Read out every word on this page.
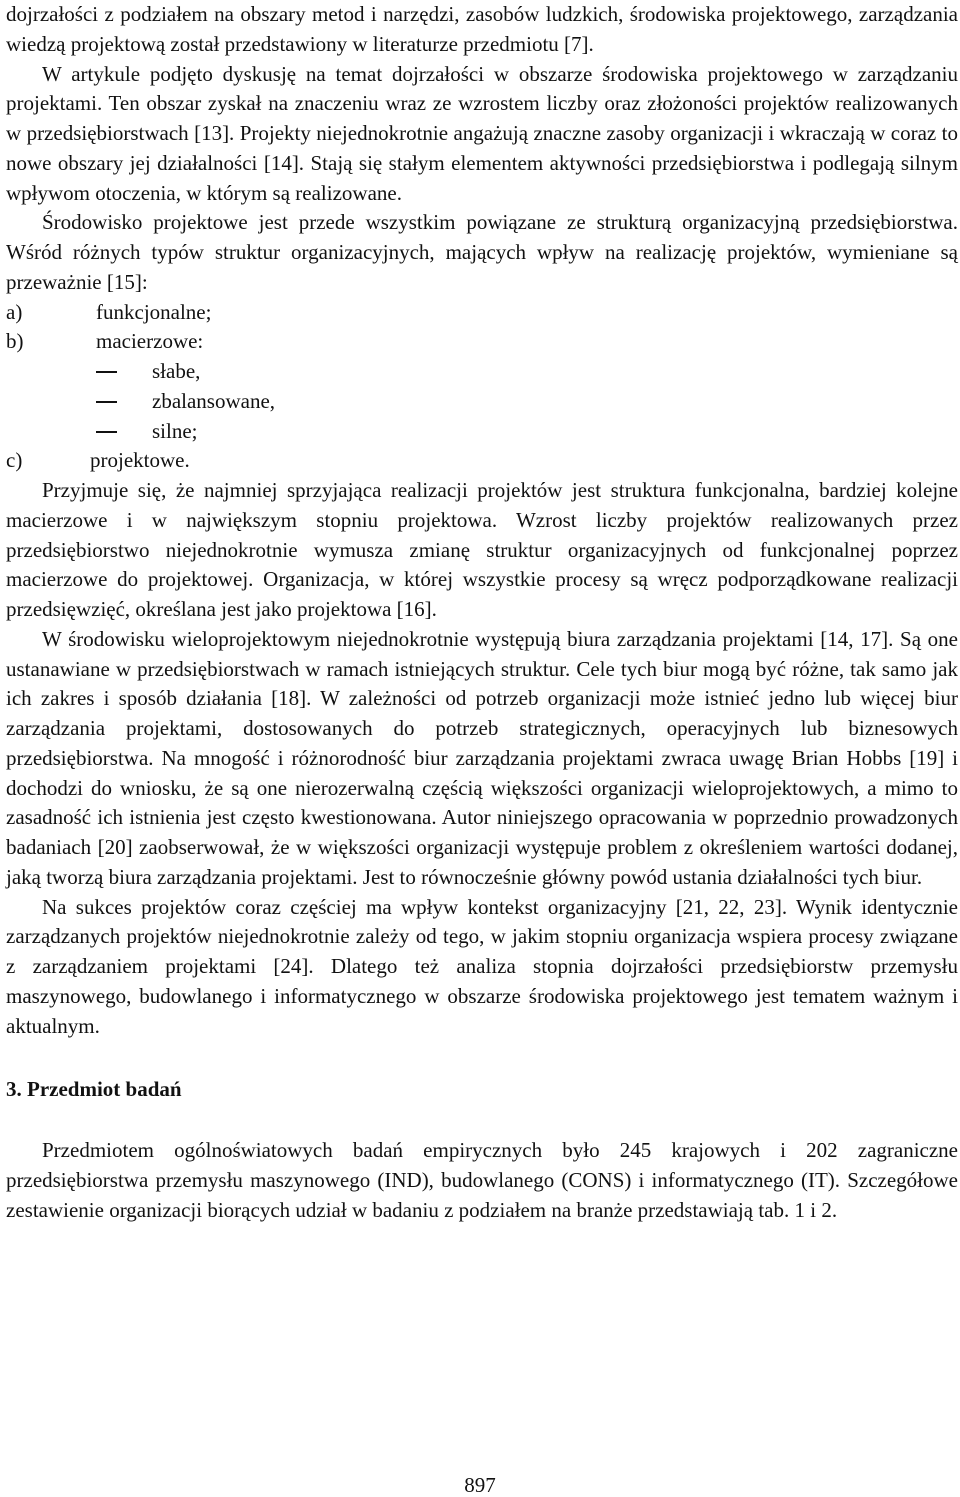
dojrzałości z podziałem na obszary metod i narzędzi, zasobów ludzkich, środowiska projektowego, zarządzania wiedzą projektową został przedstawiony w literaturze przedmiotu [7].

W artykule podjęto dyskusję na temat dojrzałości w obszarze środowiska projektowego w zarządzaniu projektami. Ten obszar zyskał na znaczeniu wraz ze wzrostem liczby oraz złożoności projektów realizowanych w przedsiębiorstwach [13]. Projekty niejednokrotnie angażują znaczne zasoby organizacji i wkraczają w coraz to nowe obszary jej działalności [14]. Stają się stałym elementem aktywności przedsiębiorstwa i podlegają silnym wpływom otoczenia, w którym są realizowane.

Środowisko projektowe jest przede wszystkim powiązane ze strukturą organizacyjną przedsiębiorstwa. Wśród różnych typów struktur organizacyjnych, mających wpływ na realizację projektów, wymieniane są przeważnie [15]:

a)	funkcjonalne;
b)	macierzowe:
słabe,
zbalansowane,
silne;
c)	projektowe.

Przyjmuje się, że najmniej sprzyjająca realizacji projektów jest struktura funkcjonalna, bardziej kolejne macierzowe i w największym stopniu projektowa. Wzrost liczby projektów realizowanych przez przedsiębiorstwo niejednokrotnie wymusza zmianę struktur organizacyjnych od funkcjonalnej poprzez macierzowe do projektowej. Organizacja, w której wszystkie procesy są wręcz podporządkowane realizacji przedsięwzięć, określana jest jako projektowa [16].

W środowisku wieloprojektowym niejednokrotnie występują biura zarządzania projektami [14, 17]. Są one ustanawiane w przedsiębiorstwach w ramach istniejących struktur. Cele tych biur mogą być różne, tak samo jak ich zakres i sposób działania [18]. W zależności od potrzeb organizacji może istnieć jedno lub więcej biur zarządzania projektami, dostosowanych do potrzeb strategicznych, operacyjnych lub biznesowych przedsiębiorstwa. Na mnogość i różnorodność biur zarządzania projektami zwraca uwagę Brian Hobbs [19] i dochodzi do wniosku, że są one nierozerwalną częścią większości organizacji wieloprojektowych, a mimo to zasadność ich istnienia jest często kwestionowana. Autor niniejszego opracowania w poprzednio prowadzonych badaniach [20] zaobserwował, że w większości organizacji występuje problem z określeniem wartości dodanej, jaką tworzą biura zarządzania projektami. Jest to równocześnie główny powód ustania działalności tych biur.

Na sukces projektów coraz częściej ma wpływ kontekst organizacyjny [21, 22, 23]. Wynik identycznie zarządzanych projektów niejednokrotnie zależy od tego, w jakim stopniu organizacja wspiera procesy związane z zarządzaniem projektami [24]. Dlatego też analiza stopnia dojrzałości przedsiębiorstw przemysłu maszynowego, budowlanego i informatycznego w obszarze środowiska projektowego jest tematem ważnym i aktualnym.

3. Przedmiot badań

Przedmiotem ogólnoświatowych badań empirycznych było 245 krajowych i 202 zagraniczne przedsiębiorstwa przemysłu maszynowego (IND), budowlanego (CONS) i informatycznego (IT). Szczegółowe zestawienie organizacji biorących udział w badaniu z podziałem na branże przedstawiają tab. 1 i 2.

897
